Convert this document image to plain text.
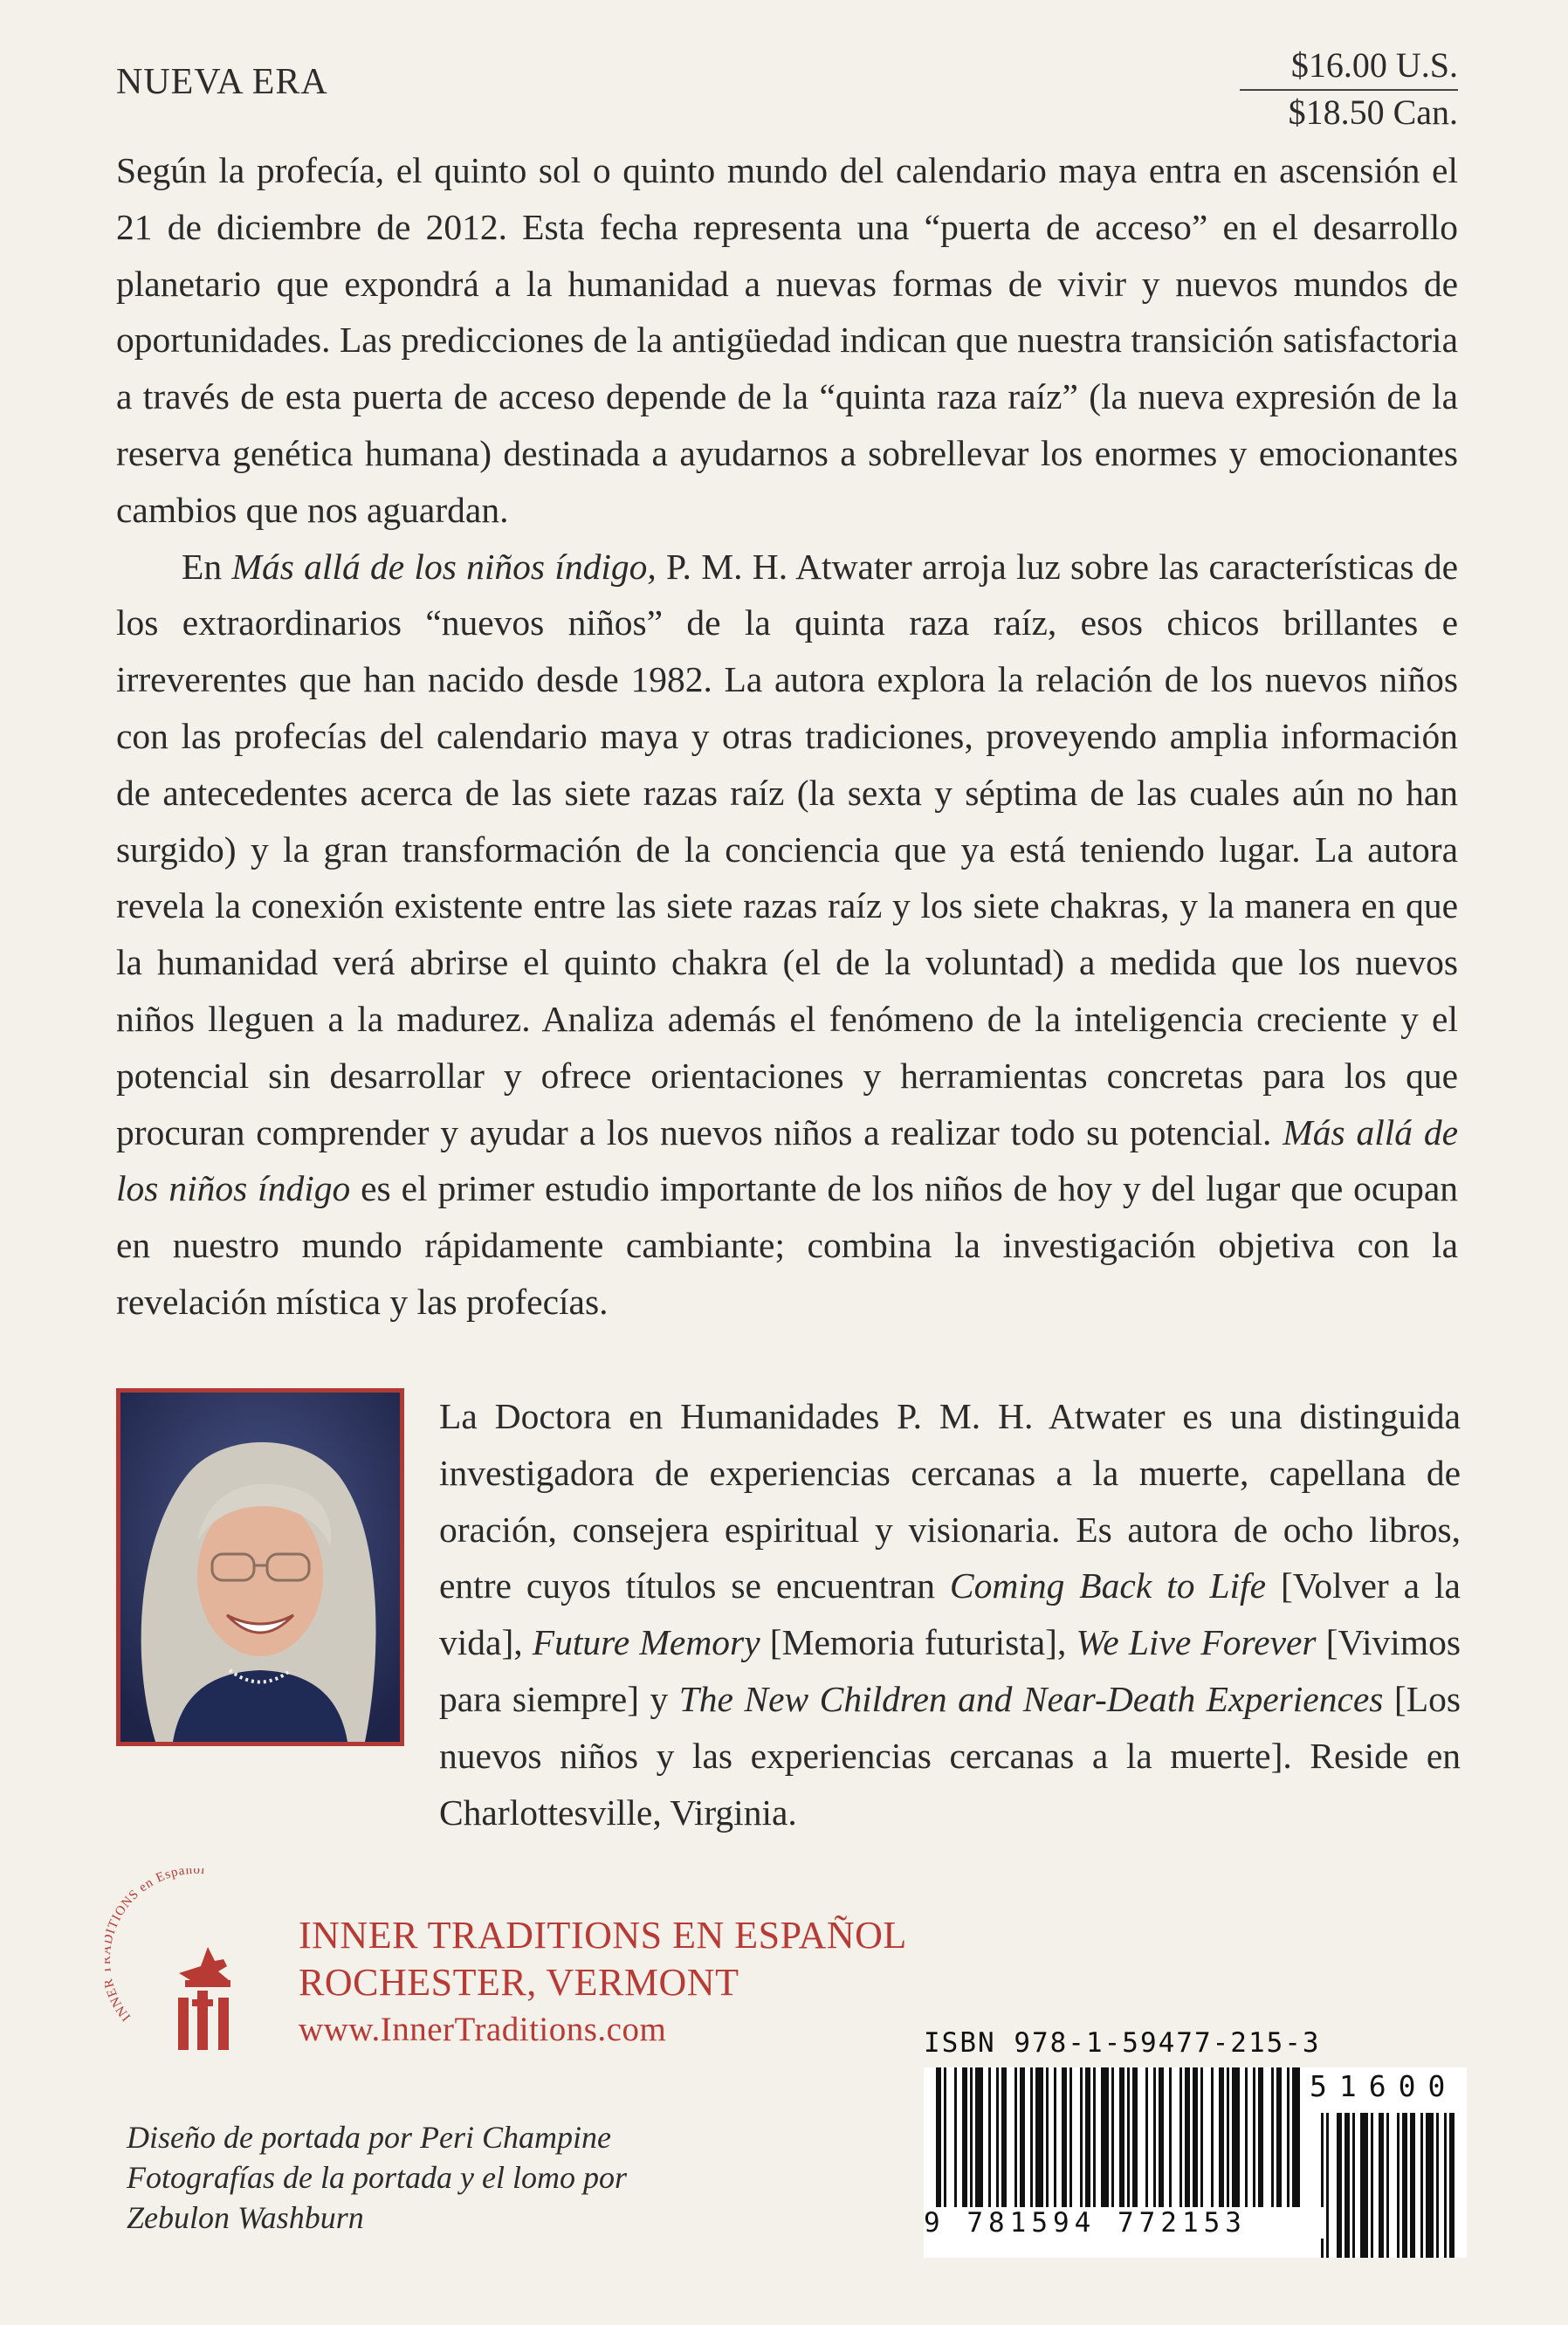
NUEVA ERA	$16.00 U.S.
$18.50 Can.

Según la profecía, el quinto sol o quinto mundo del calendario maya entra en ascensión el 21 de diciembre de 2012. Esta fecha representa una “puerta de acceso” en el desarrollo planetario que expondrá a la humanidad a nuevas formas de vivir y nuevos mundos de oportunidades. Las predicciones de la antigüedad indican que nuestra transición satisfactoria a través de esta puerta de acceso depende de la “quinta raza raíz” (la nueva expresión de la reserva genética humana) destinada a ayudarnos a sobrellevar los enormes y emocionantes cambios que nos aguardan.

En Más allá de los niños índigo, P. M. H. Atwater arroja luz sobre las características de los extraordinarios “nuevos niños” de la quinta raza raíz, esos chicos brillantes e irreverentes que han nacido desde 1982. La autora explora la relación de los nuevos niños con las profecías del calendario maya y otras tradiciones, proveyendo amplia información de antecedentes acerca de las siete razas raíz (la sexta y séptima de las cuales aún no han surgido) y la gran transformación de la conciencia que ya está teniendo lugar. La autora revela la conexión existente entre las siete razas raíz y los siete chakras, y la manera en que la humanidad verá abrirse el quinto chakra (el de la voluntad) a medida que los nuevos niños lleguen a la madurez. Analiza además el fenómeno de la inteligencia creciente y el potencial sin desarrollar y ofrece orientaciones y herramientas concretas para los que procuran comprender y ayudar a los nuevos niños a realizar todo su potencial. Más allá de los niños índigo es el primer estudio importante de los niños de hoy y del lugar que ocupan en nuestro mundo rápidamente cambiante; combina la investigación objetiva con la revelación mística y las profecías.

La Doctora en Humanidades P. M. H. Atwater es una distinguida investigadora de experiencias cercanas a la muerte, capellana de oración, consejera espiritual y visionaria. Es autora de ocho libros, entre cuyos títulos se encuentran Coming Back to Life [Volver a la vida], Future Memory [Memoria futurista], We Live Forever [Vivimos para siempre] y The New Children and Near-Death Experiences [Los nuevos niños y las experiencias cercanas a la muerte]. Reside en Charlottesville, Virginia.

INNE ITIONS en Español
INNER TRADITIONS EN ESPAÑOL
ROCHESTER, VERMONT
www.InnerTraditions.com
Diseño de portada por Peri Champine
Fotografías de la portada y el lomo por
Zebulon Washburn
ISBN 978-1-59477-215-3
51600
9 781594 772153
